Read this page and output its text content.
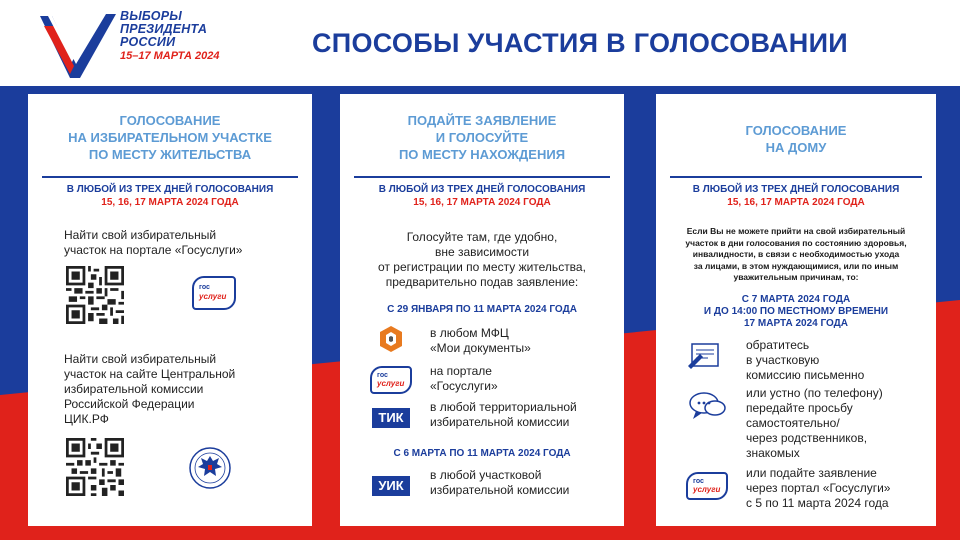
ВЫБОРЫ
ПРЕЗИДЕНТА
РОССИИ
15–17 МАРТА 2024	СПОСОБЫ УЧАСТИЯ В ГОЛОСОВАНИИ
ГОЛОСОВАНИЕ
НА ИЗБИРАТЕЛЬНОМ УЧАСТКЕ
ПО МЕСТУ ЖИТЕЛЬСТВА
В ЛЮБОЙ ИЗ ТРЕХ ДНЕЙ ГОЛОСОВАНИЯ
15, 16, 17 МАРТА 2024 ГОДА
Найти свой избирательный
участок на портале «Госуслуги»
гос
услуги
Найти свой избирательный
участок на сайте Центральной
избирательной комиссии
Российской Федерации
ЦИК.РФ
ПОДАЙТЕ ЗАЯВЛЕНИЕ
И ГОЛОСУЙТЕ
ПО МЕСТУ НАХОЖДЕНИЯ
В ЛЮБОЙ ИЗ ТРЕХ ДНЕЙ ГОЛОСОВАНИЯ
15, 16, 17 МАРТА 2024 ГОДА
Голосуйте там, где удобно,
вне зависимости
от регистрации по месту жительства,
предварительно подав заявление:
С 29 ЯНВАРЯ ПО 11 МАРТА 2024 ГОДА
в любом МФЦ
«Мои документы»
гос
услуги
на портале
«Госуслуги»
ТИК
в любой территориальной
избирательной комиссии
С 6 МАРТА ПО 11 МАРТА 2024 ГОДА
УИК
в любой участковой
избирательной комиссии
ГОЛОСОВАНИЕ
НА ДОМУ
В ЛЮБОЙ ИЗ ТРЕХ ДНЕЙ ГОЛОСОВАНИЯ
15, 16, 17 МАРТА 2024 ГОДА
Если Вы не можете прийти на свой избирательный
участок в дни голосования по состоянию здоровья,
инвалидности, в связи с необходимостью ухода
за лицами, в этом нуждающимися, или по иным
уважительным причинам, то:
С 7 МАРТА 2024 ГОДА
И ДО 14:00 ПО МЕСТНОМУ ВРЕМЕНИ
17 МАРТА 2024 ГОДА
обратитесь
в участковую
комиссию письменно
или устно (по телефону)
передайте просьбу
самостоятельно/
через родственников,
знакомых
гос
услуги
или подайте заявление
через портал «Госуслуги»
с 5 по 11 марта 2024 года
